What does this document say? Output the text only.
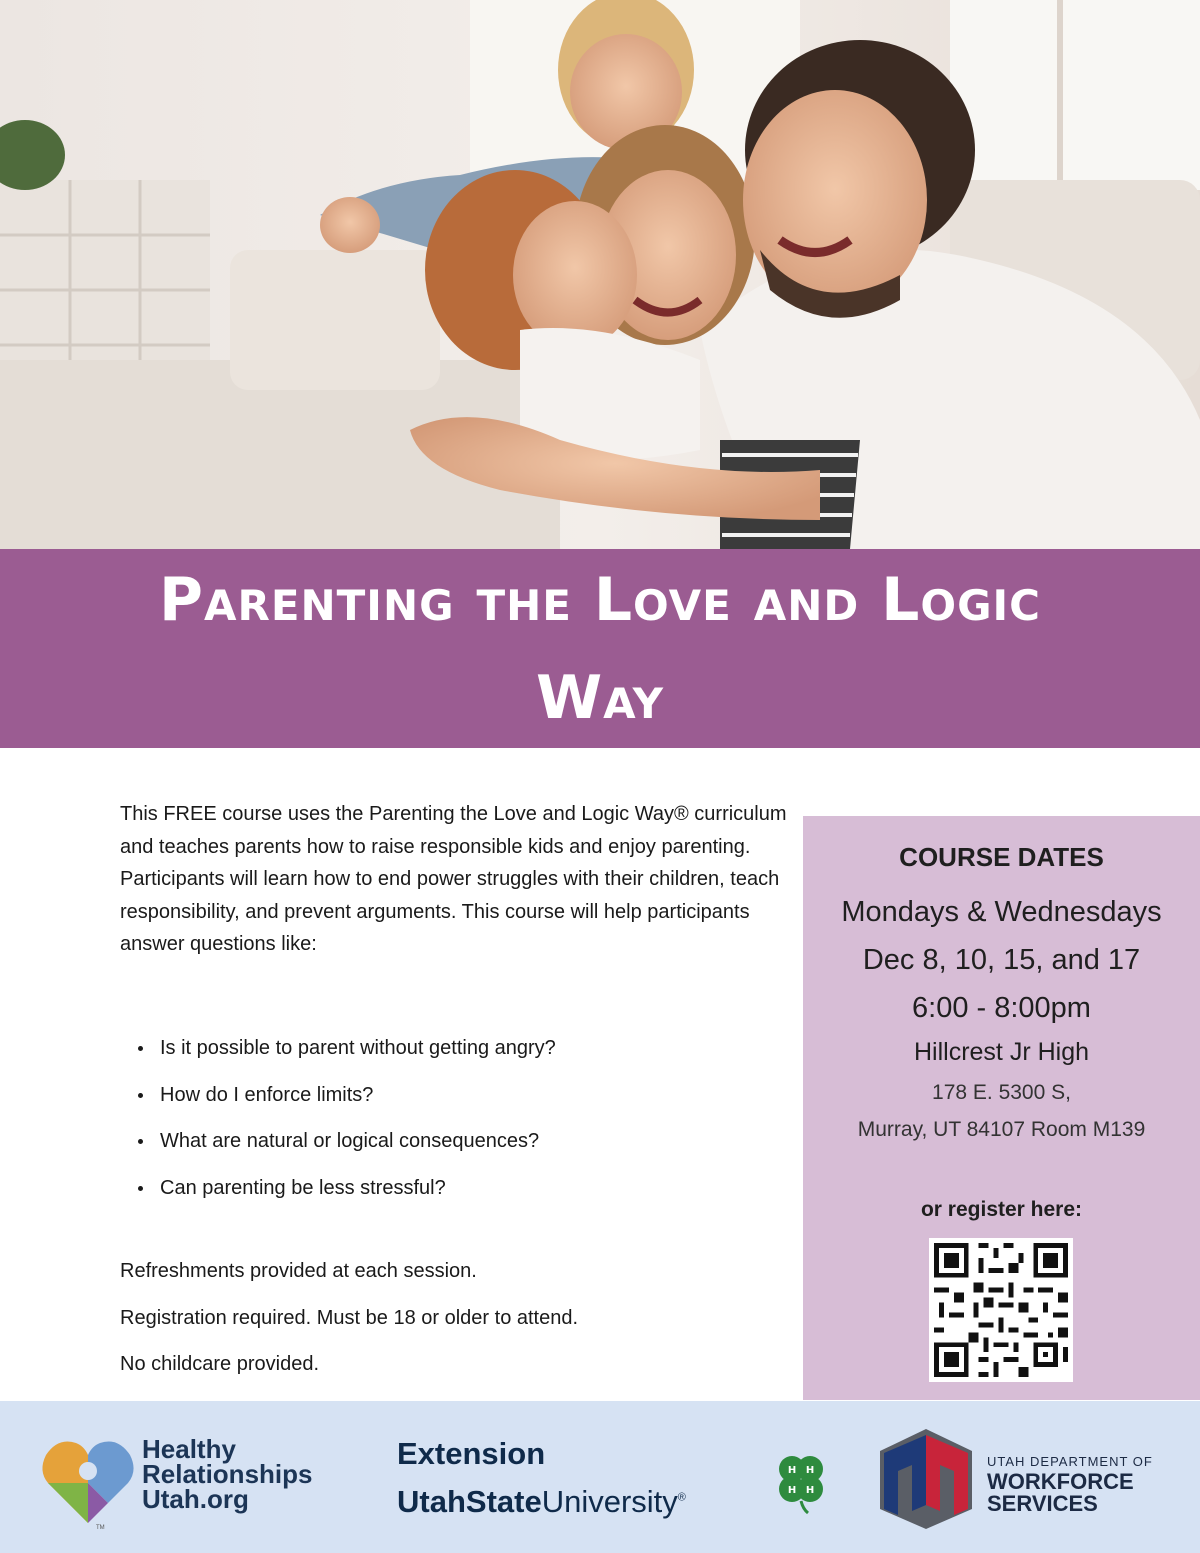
Parenting the Love and Logic Way

This FREE course uses the Parenting the Love and Logic Way® curriculum and teaches parents how to raise responsible kids and enjoy parenting. Participants will learn how to end power struggles with their children, teach responsibility, and prevent arguments. This course will help participants answer questions like:

Is it possible to parent without getting angry?
How do I enforce limits?
What are natural or logical consequences?
Can parenting be less stressful?

Refreshments provided at each session.

Registration required. Must be 18 or older to attend.

No childcare provided.

COURSE DATES
Mondays & Wednesdays
Dec 8, 10, 15, and 17
6:00 - 8:00pm
Hillcrest Jr High
178 E. 5300 S,
Murray, UT 84107 Room M139
or register here:
TM
Healthy
Relationships
Utah.org
Extension
UtahStateUniversity®
H H
H H
UTAH DEPARTMENT OF
WORKFORCE
SERVICES
